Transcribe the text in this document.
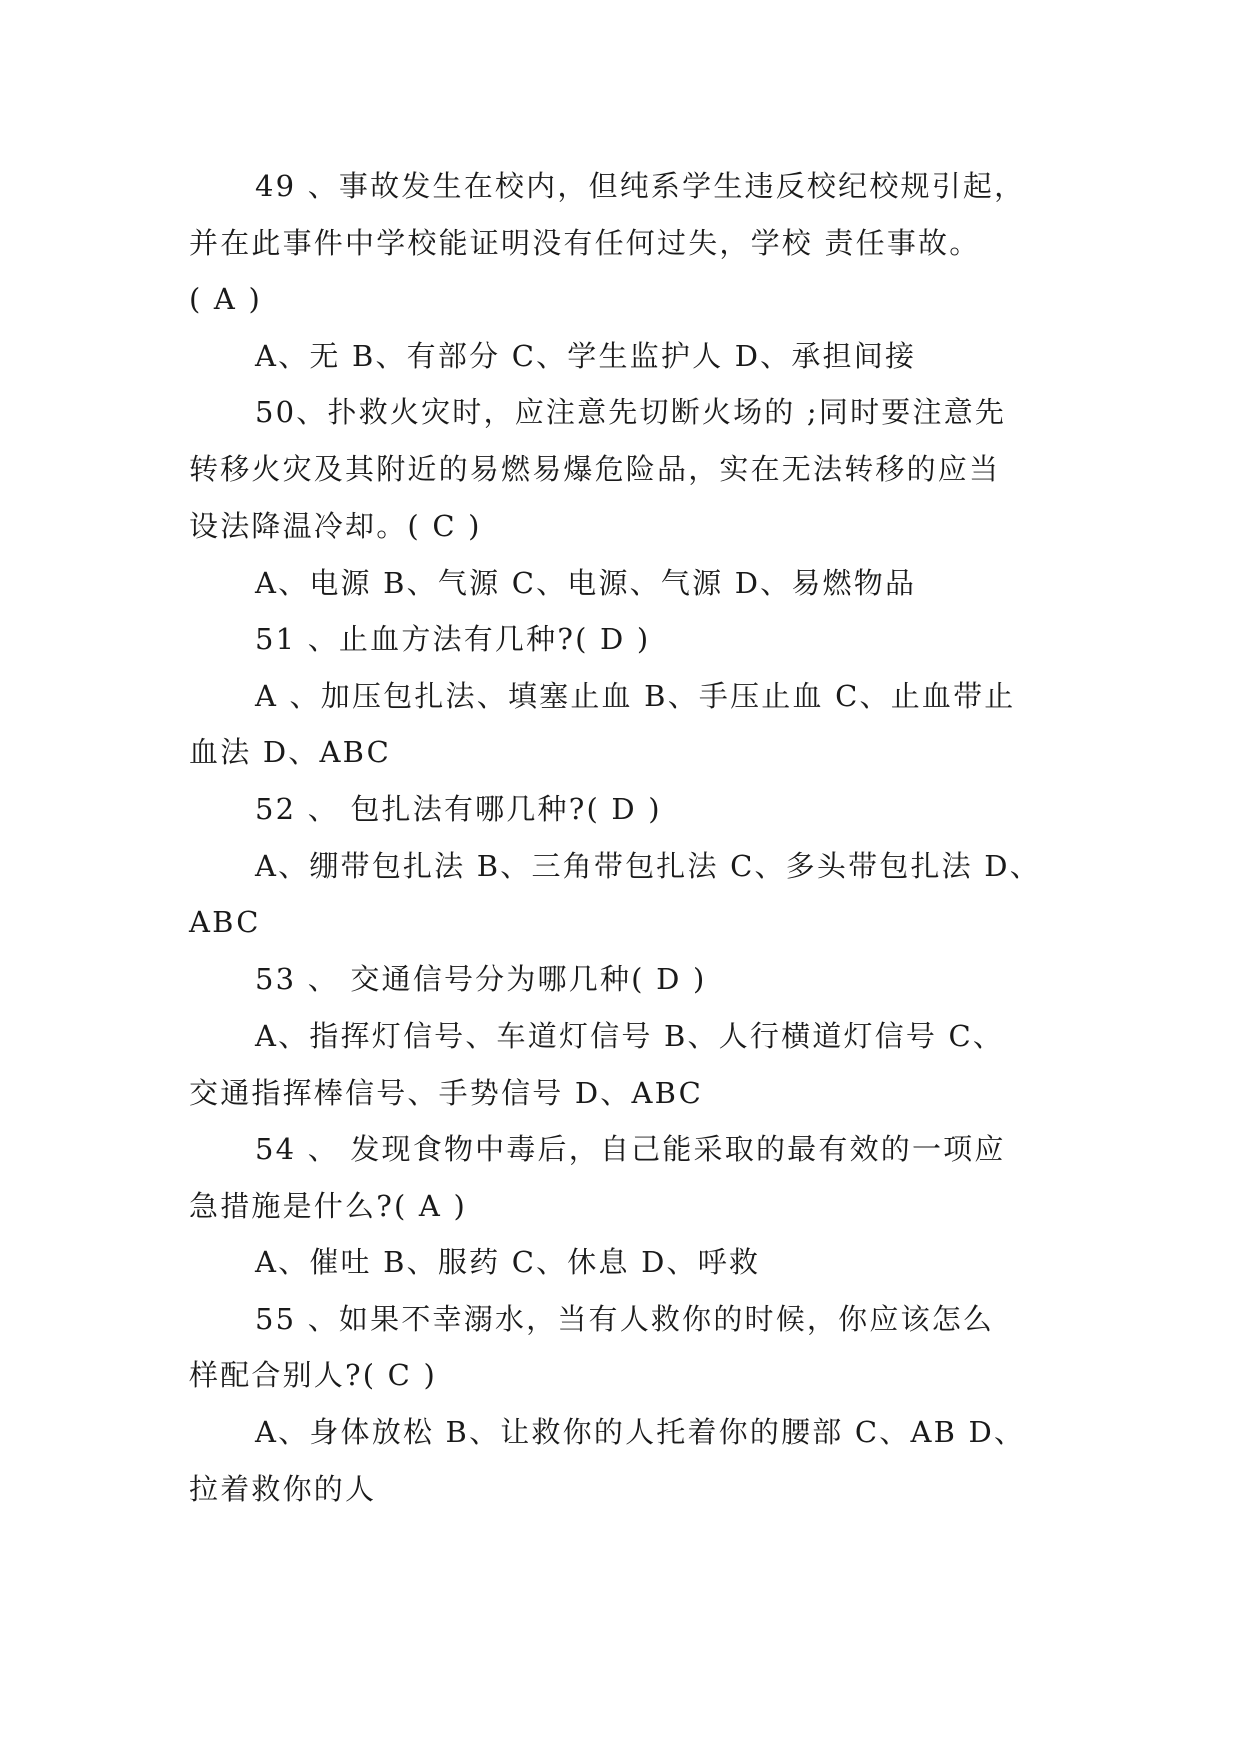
49 、事故发生在校内，但纯系学生违反校纪校规引起，
并在此事件中学校能证明没有任何过失，学校 责任事故。
( A )
A、无 B、有部分 C、学生监护人 D、承担间接
50、扑救火灾时，应注意先切断火场的 ;同时要注意先
转移火灾及其附近的易燃易爆危险品，实在无法转移的应当
设法降温冷却。( C )
A、电源 B、气源 C、电源、气源 D、易燃物品
51 、止血方法有几种?( D )
A 、加压包扎法、填塞止血 B、手压止血 C、止血带止
血法 D、ABC
52 、 包扎法有哪几种?( D )
A、绷带包扎法 B、三角带包扎法 C、多头带包扎法 D、
ABC
53 、 交通信号分为哪几种( D )
A、指挥灯信号、车道灯信号 B、人行横道灯信号 C、
交通指挥棒信号、手势信号 D、ABC
54 、 发现食物中毒后，自己能采取的最有效的一项应
急措施是什么?( A )
A、催吐 B、服药 C、休息 D、呼救
55 、如果不幸溺水，当有人救你的时候，你应该怎么
样配合别人?( C )
A、身体放松 B、让救你的人托着你的腰部 C、AB D、
拉着救你的人
